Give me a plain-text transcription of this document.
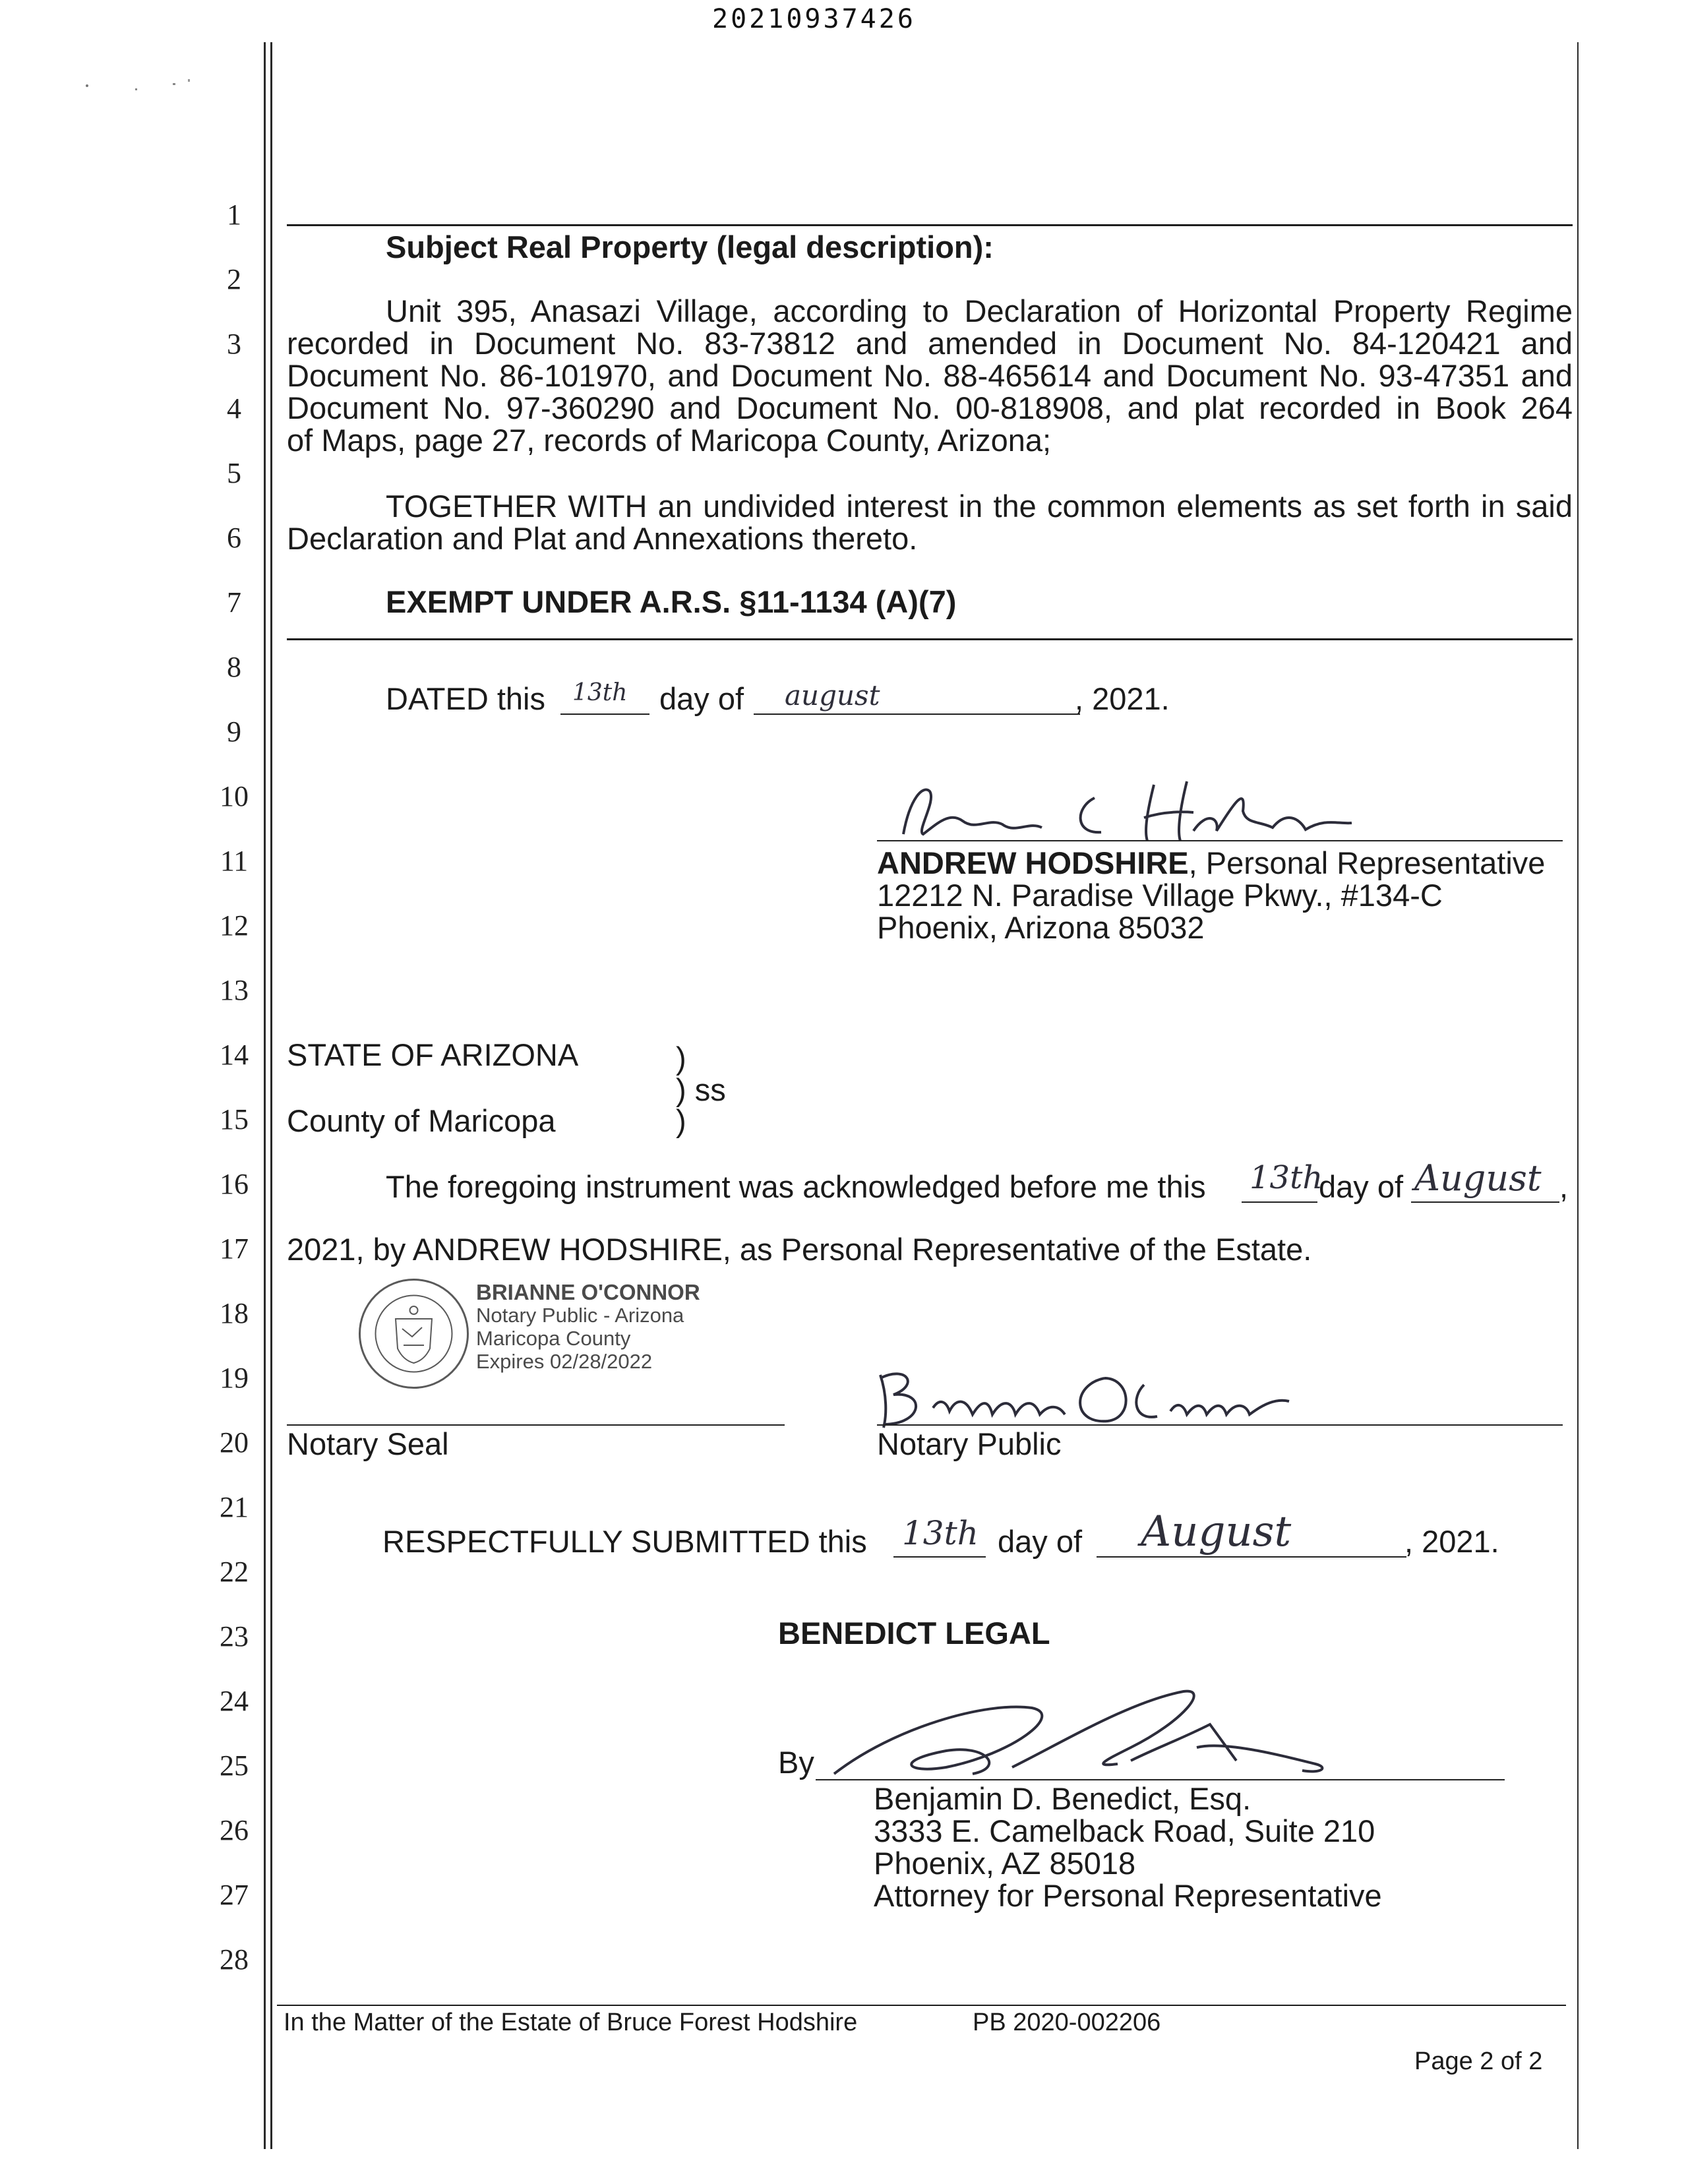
20210937426
1
2
3
4
5
6
7
8
9
10
11
12
13
14
15
16
17
18
19
20
21
22
23
24
25
26
27
28
Subject Real Property (legal description):
Unit 395, Anasazi Village, according to Declaration of Horizontal Property Regime
recorded in Document No. 83-73812 and amended in Document No. 84-120421 and
Document No. 86-101970, and Document No. 88-465614 and Document No. 93-47351 and
Document No. 97-360290 and Document No. 00-818908, and plat recorded in Book 264
of Maps, page 27, records of Maricopa County, Arizona;
TOGETHER WITH an undivided interest in the common elements as set forth in said
Declaration and Plat and Annexations thereto.
EXEMPT UNDER A.R.S. §11-1134 (A)(7)
DATED this 13th day of august	, 2021.
ANDREW HODSHIRE, Personal Representative
12212 N. Paradise Village Pkwy., #134-C
Phoenix, Arizona 85032
STATE OF ARIZONA	)
) ss
County of Maricopa	)
The foregoing instrument was acknowledged before me this 13th
day of August ,
2021, by ANDREW HODSHIRE, as Personal Representative of the Estate.
BRIANNE O'CONNOR
Notary Public - Arizona
Maricopa County
Expires 02/28/2022
Notary Seal	Notary Public
RESPECTFULLY SUBMITTED this 13th day of August	, 2021.
BENEDICT LEGAL
By
Benjamin D. Benedict, Esq.
3333 E. Camelback Road, Suite 210
Phoenix, AZ 85018
Attorney for Personal Representative
In the Matter of the Estate of Bruce Forest Hodshire	PB 2020-002206
Page 2 of 2
